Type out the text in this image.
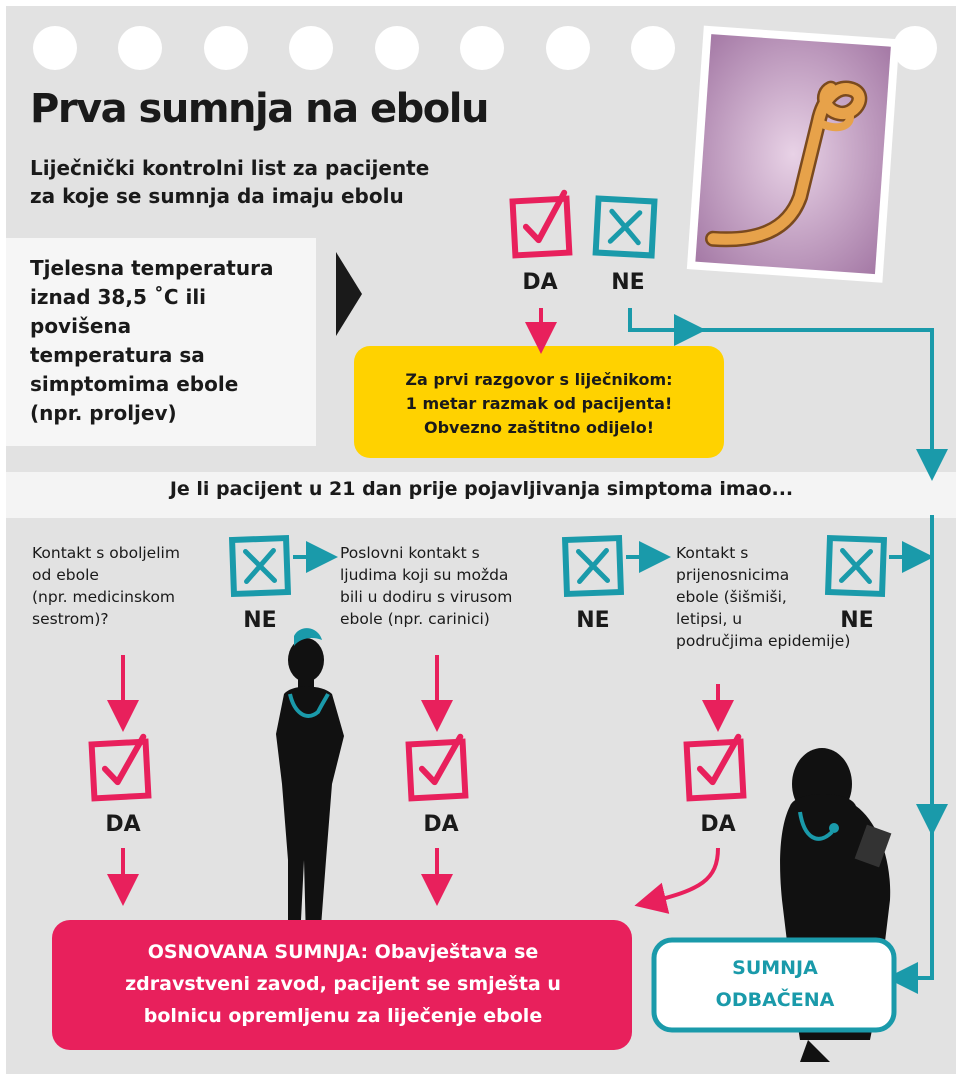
Prva sumnja na ebolu
Liječnički kontrolni list za pacijente
za koje se sumnja da imaju ebolu
Tjelesna temperatura
iznad 38,5 ˚C ili
povišena
temperatura sa
simptomima ebole
(npr. proljev)
DA	NE
Za prvi razgovor s liječnikom:
1 metar razmak od pacijenta!
Obvezno zaštitno odijelo!
Je li pacijent u 21 dan prije pojavljivanja simptoma imao...
Kontakt s oboljelim
od ebole
(npr. medicinskom
sestrom)?
Poslovni kontakt s
ljudima koji su možda
bili u dodiru s virusom
ebole (npr. carinici)
Kontakt s
prijenosnicima
ebole (šišmiši,
letipsi, u
područjima epidemije)
NE	NE	NE
DA	DA	DA
OSNOVANA SUMNJA: Obavještava se
zdravstveni zavod, pacijent se smješta u
bolnicu opremljenu za liječenje ebole
SUMNJA
ODBAČENA
